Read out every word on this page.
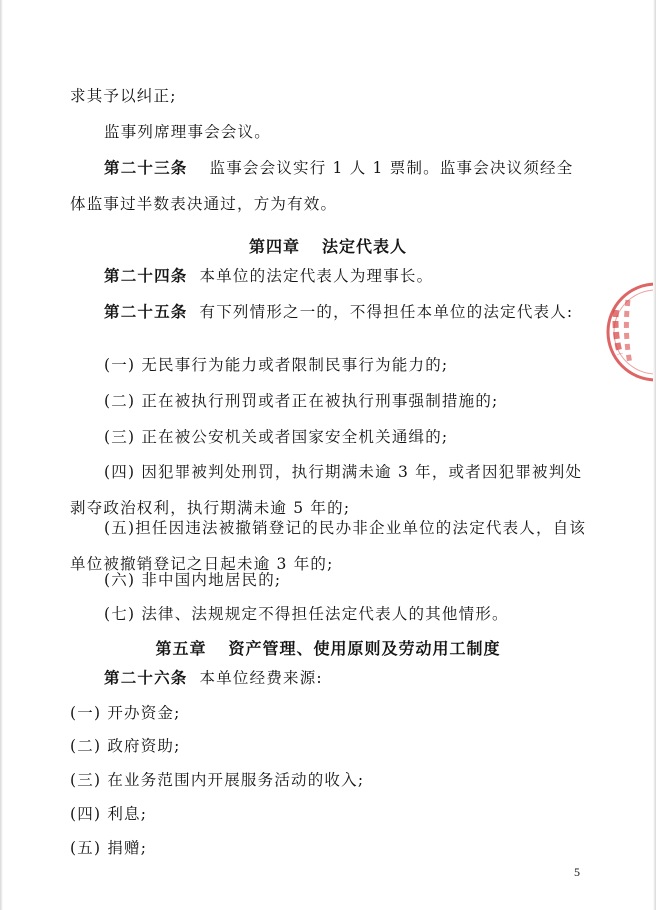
求其予以纠正;
监事列席理事会会议。
第二十三条 监事会会议实行 1 人 1 票制。监事会决议须经全体监事过半数表决通过，方为有效。
第四章 法定代表人
第二十四条 本单位的法定代表人为理事长。
第二十五条 有下列情形之一的，不得担任本单位的法定代表人:
(一) 无民事行为能力或者限制民事行为能力的;
(二) 正在被执行刑罚或者正在被执行刑事强制措施的;
(三) 正在被公安机关或者国家安全机关通缉的;
(四) 因犯罪被判处刑罚，执行期满未逾 3 年，或者因犯罪被判处剥夺政治权利，执行期满未逾 5 年的;
(五)担任因违法被撤销登记的民办非企业单位的法定代表人，自该单位被撤销登记之日起未逾 3 年的;
(六) 非中国内地居民的;
(七) 法律、法规规定不得担任法定代表人的其他情形。
第五章 资产管理、使用原则及劳动用工制度
第二十六条 本单位经费来源:
(一) 开办资金;
(二) 政府资助;
(三) 在业务范围内开展服务活动的收入;
(四) 利息;
(五) 捐赠;
5
